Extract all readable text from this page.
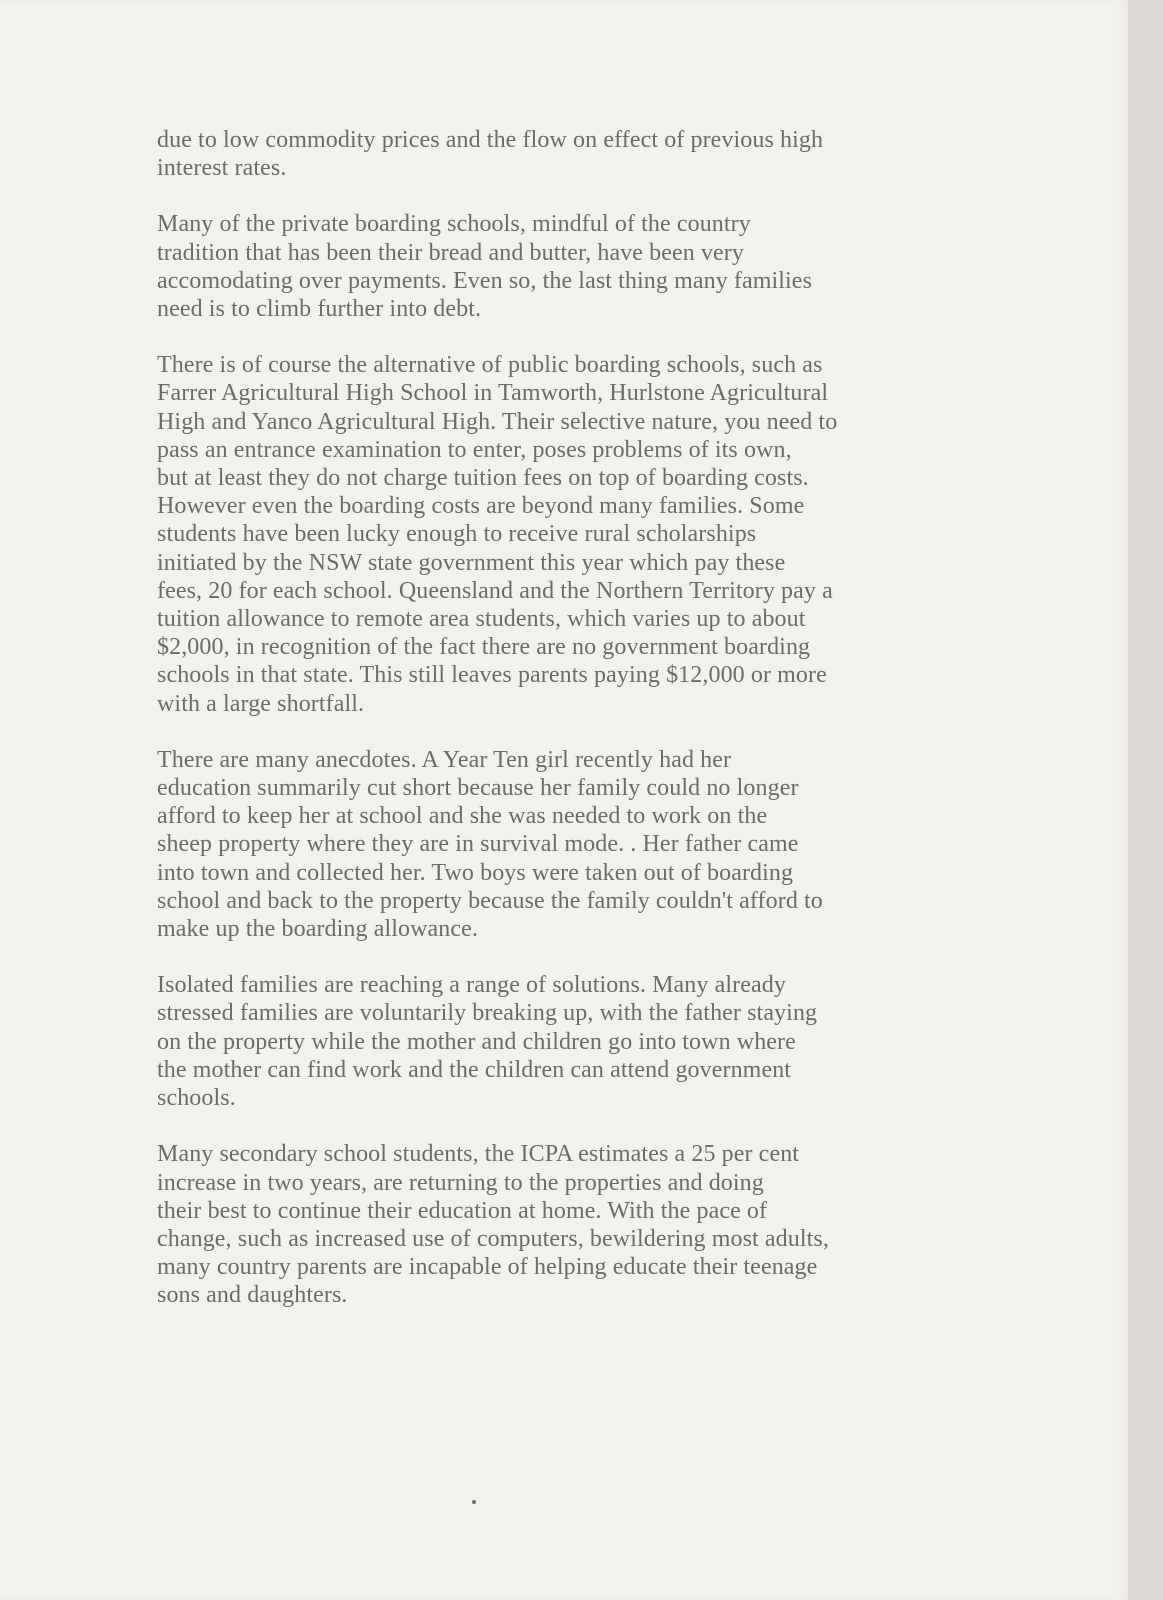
due to low commodity prices and the flow on effect of previous high
interest rates.

Many of the private boarding schools, mindful of the country
tradition that has been their bread and butter, have been very
accomodating over payments. Even so, the last thing many families
need is to climb further into debt.

There is of course the alternative of public boarding schools, such as
Farrer Agricultural High School in Tamworth, Hurlstone Agricultural
High and Yanco Agricultural High. Their selective nature, you need to
pass an entrance examination to enter, poses problems of its own,
but at least they do not charge tuition fees on top of boarding costs.
However even the boarding costs are beyond many families. Some
students have been lucky enough to receive rural scholarships
initiated by the NSW state government this year which pay these
fees, 20 for each school. Queensland and the Northern Territory pay a
tuition allowance to remote area students, which varies up to about
$2,000, in recognition of the fact there are no government boarding
schools in that state. This still leaves parents paying $12,000 or more
with a large shortfall.

There are many anecdotes. A Year Ten girl recently had her
education summarily cut short because her family could no longer
afford to keep her at school and she was needed to work on the
sheep property where they are in survival mode. . Her father came
into town and collected her. Two boys were taken out of boarding
school and back to the property because the family couldn't afford to
make up the boarding allowance.

Isolated families are reaching a range of solutions. Many already
stressed families are voluntarily breaking up, with the father staying
on the property while the mother and children go into town where
the mother can find work and the children can attend government
schools.

Many secondary school students, the ICPA estimates a 25 per cent
increase in two years, are returning to the properties and doing
their best to continue their education at home. With the pace of
change, such as increased use of computers, bewildering most adults,
many country parents are incapable of helping educate their teenage
sons and daughters.
